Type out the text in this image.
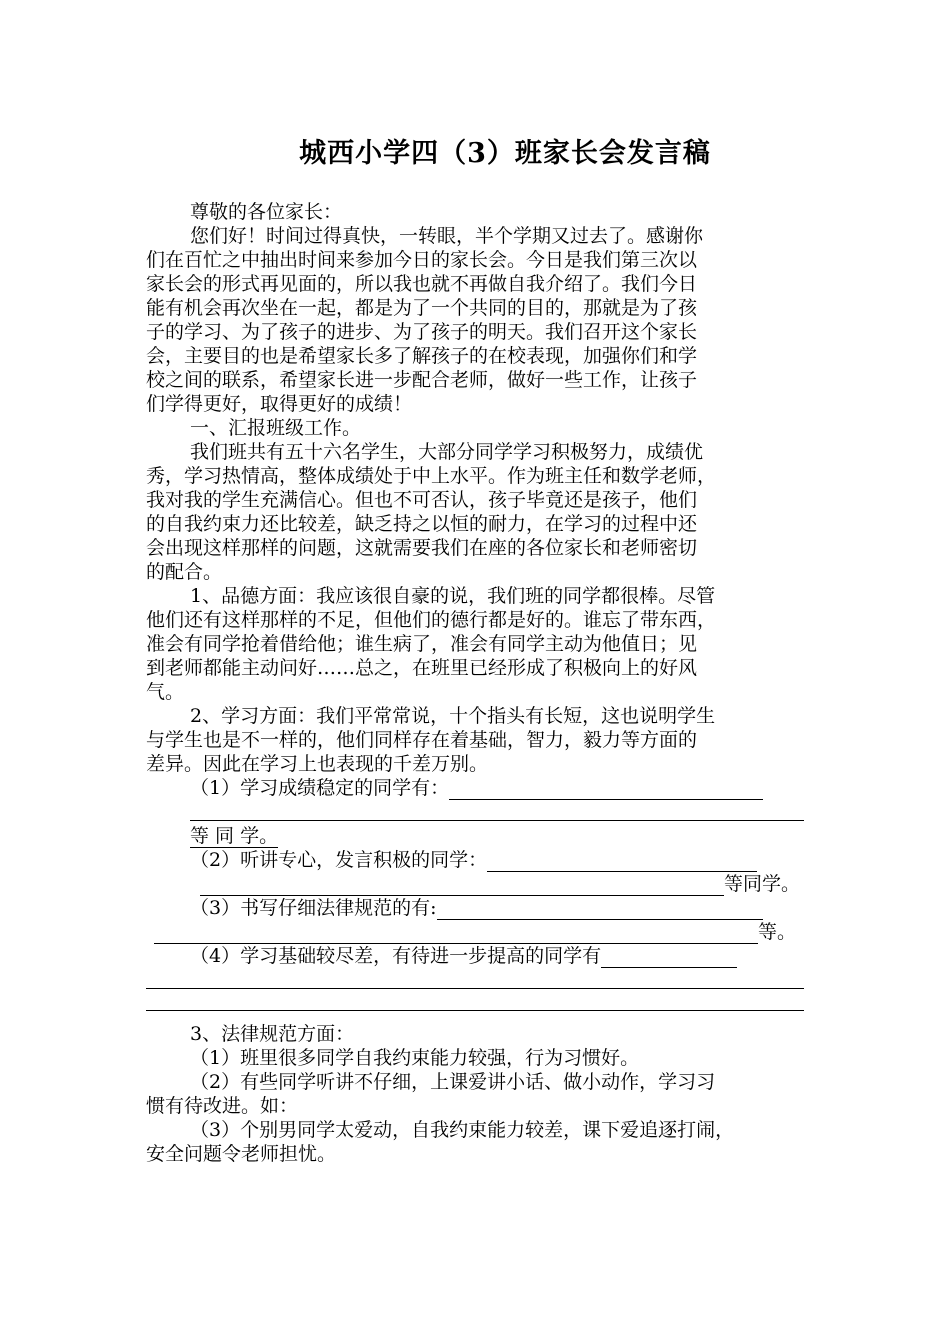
城西小学四（3）班家长会发言稿
尊敬的各位家长：
您们好！时间过得真快，一转眼，半个学期又过去了。感谢你
们在百忙之中抽出时间来参加今日的家长会。今日是我们第三次以
家长会的形式再见面的，所以我也就不再做自我介绍了。我们今日
能有机会再次坐在一起，都是为了一个共同的目的，那就是为了孩
子的学习、为了孩子的进步、为了孩子的明天。我们召开这个家长
会，主要目的也是希望家长多了解孩子的在校表现，加强你们和学
校之间的联系，希望家长进一步配合老师，做好一些工作，让孩子
们学得更好，取得更好的成绩！
一、汇报班级工作。
我们班共有五十六名学生，大部分同学学习积极努力，成绩优
秀，学习热情高，整体成绩处于中上水平。作为班主任和数学老师，
我对我的学生充满信心。但也不可否认，孩子毕竟还是孩子，他们
的自我约束力还比较差，缺乏持之以恒的耐力，在学习的过程中还
会出现这样那样的问题，这就需要我们在座的各位家长和老师密切
的配合。
1、品德方面：我应该很自豪的说，我们班的同学都很棒。尽管
他们还有这样那样的不足，但他们的德行都是好的。谁忘了带东西，
准会有同学抢着借给他；谁生病了，准会有同学主动为他值日；见
到老师都能主动问好……总之，在班里已经形成了积极向上的好风
气。
2、学习方面：我们平常常说，十个指头有长短，这也说明学生
与学生也是不一样的，他们同样存在着基础，智力，毅力等方面的
差异。因此在学习上也表现的千差万别。
（1）学习成绩稳定的同学有：
等 同 学。
（2）听讲专心，发言积极的同学：
等同学。
（3）书写仔细法律规范的有:
等。
（4）学习基础较尽差，有待进一步提高的同学有
3、法律规范方面：
（1）班里很多同学自我约束能力较强，行为习惯好。
（2）有些同学听讲不仔细，上课爱讲小话、做小动作，学习习
惯有待改进。如：
（3）个别男同学太爱动，自我约束能力较差，课下爱追逐打闹，
安全问题令老师担忧。
